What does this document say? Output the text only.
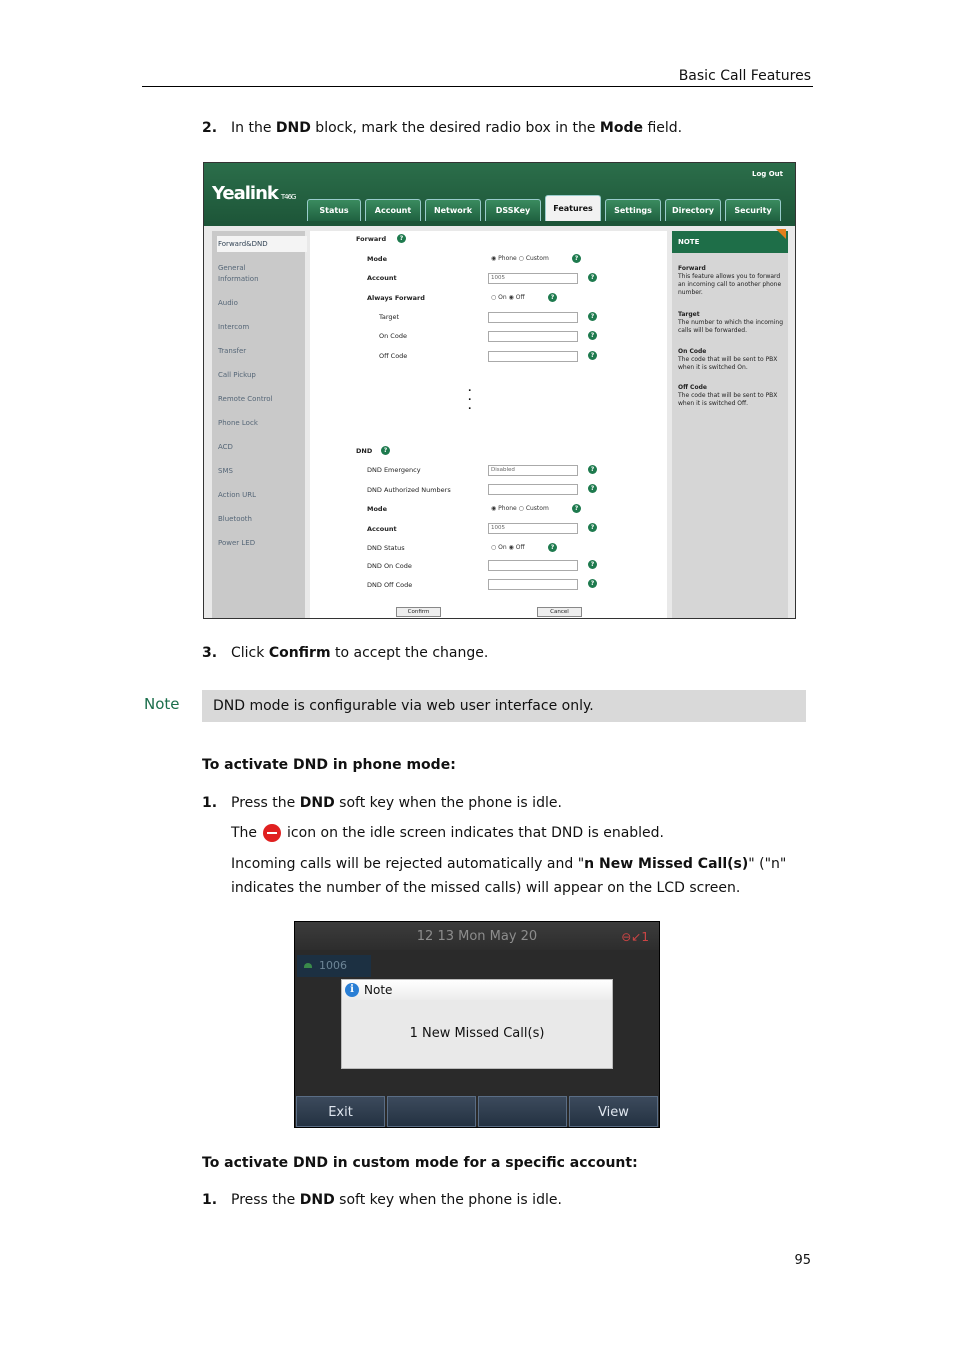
Basic Call Features
2. In the DND block, mark the desired radio box in the Mode field.
Yealink T46G
Log Out
Status	Account	Network	DSSKey	Features	Settings	Directory	Security
Forward&DND
General
Information
Audio
Intercom
Transfer
Call Pickup
Remote Control
Phone Lock
ACD
SMS
Action URL
Bluetooth
Power LED
Forward	?
Mode	◉ Phone ○ Custom	?
Account	1005	?
Always Forward	○ On ◉ Off	?
Target	?
On Code	?
Off Code	?
.
.
.
DND	?
DND Emergency	Disabled	?
DND Authorized Numbers	?
Mode	◉ Phone ○ Custom	?
Account	1005	?
DND Status	○ On ◉ Off	?
DND On Code	?
DND Off Code	?
Confirm	Cancel
NOTE
Forward
This feature allows you to forward an incoming call to another phone number.
Target
The number to which the incoming calls will be forwarded.
On Code
The code that will be sent to PBX when it is switched On.
Off Code
The code that will be sent to PBX when it is switched Off.
3. Click Confirm to accept the change.
Note	DND mode is configurable via web user interface only.
To activate DND in phone mode:
1. Press the DND soft key when the phone is idle.
The icon on the idle screen indicates that DND is enabled.
Incoming calls will be rejected automatically and "n New Missed Call(s)" ("n"
indicates the number of the missed calls) will appear on the LCD screen.
12 13 Mon May 20	⊖↙1
1006
Note
i
1 New Missed Call(s)
Exit	View
To activate DND in custom mode for a specific account:
1. Press the DND soft key when the phone is idle.
95
